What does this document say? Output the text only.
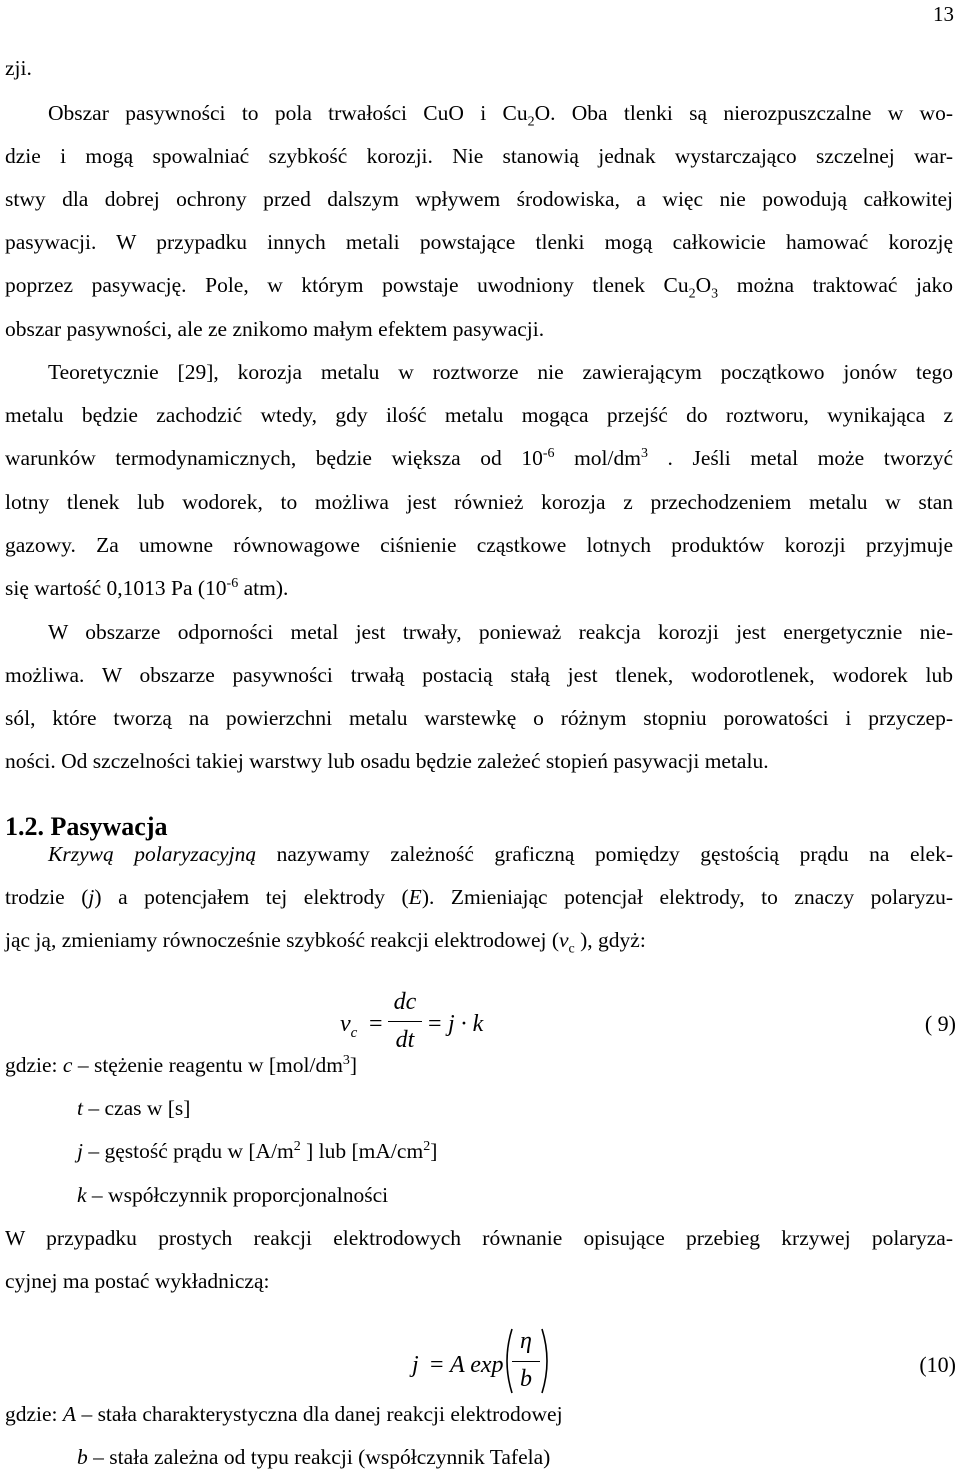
13
zji.
Obszar pasywności to pola trwałości CuO i $Cu_2O$. Oba tlenki są nierozpuszczalne w wo-
dzie i mogą spowalniać szybkość korozji. Nie stanowią jednak wystarczająco szczelnej war-
stwy dla dobrej ochrony przed dalszym wpływem środowiska, a więc nie powodują całkowitej
pasywacji. W przypadku innych metali powstające tlenki mogą całkowicie hamować korozję
poprzez pasywację. Pole, w którym powstaje uwodniony tlenek $Cu_2O_3$ można traktować jako
obszar pasywności, ale ze znikomo małym efektem pasywacji.
Teoretycznie [29], korozja metalu w roztworze nie zawierającym początkowo jonów tego
metalu będzie zachodzić wtedy, gdy ilość metalu mogąca przejść do roztworu, wynikająca z
warunków termodynamicznych, będzie większa od $10^{-6}$ mol/$dm^3$ . Jeśli metal może tworzyć
lotny tlenek lub wodorek, to możliwa jest również korozja z przechodzeniem metalu w stan
gazowy. Za umowne równowagowe ciśnienie cząstkowe lotnych produktów korozji przyjmuje
się wartość 0,1013 Pa ($10^{-6}$ atm).
W obszarze odporności metal jest trwały, ponieważ reakcja korozji jest energetycznie nie-
możliwa. W obszarze pasywności trwałą postacią stałą jest tlenek, wodorotlenek, wodorek lub
sól, które tworzą na powierzchni metalu warstewkę o różnym stopniu porowatości i przyczep-
ności. Od szczelności takiej warstwy lub osadu będzie zależeć stopień pasywacji metalu.
Krzywą polaryzacyjną nazywamy zależność graficzną pomiędzy gęstością prądu na elek-
trodzie (j) a potencjałem tej elektrody (E). Zmieniając potencjał elektrody, to znaczy polaryzu-
jąc ją, zmieniamy równocześnie szybkość reakcji elektrodowej ($v_c$ ), gdyż:
gdzie: c – stężenie reagentu w $[mol/dm^3]$
t – czas w [s]
j – gęstość prądu w [$A/m^2$ ] lub $[mA/cm^2]$
k – współczynnik proporcjonalności
W przypadku prostych reakcji elektrodowych równanie opisujące przebieg krzywej polaryza-
cyjnej ma postać wykładniczą:
gdzie: A – stała charakterystyczna dla danej reakcji elektrodowej
b – stała zależna od typu reakcji (współczynnik Tafela)
1.2. Pasywacja
$v_c$ =
dc
dt
= j · k	( 9)
j = A exp
η
b
(10)
